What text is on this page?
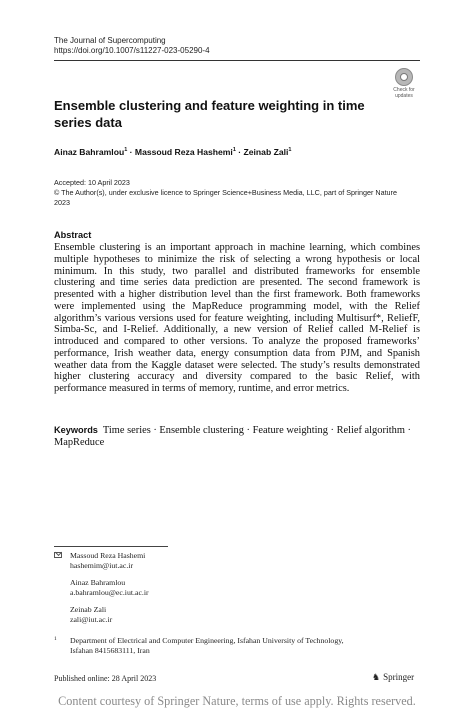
The Journal of Supercomputing
https://doi.org/10.1007/s11227-023-05290-4
Check for
updates
Ensemble clustering and feature weighting in time series data
Ainaz Bahramlou$^1$ · Massoud Reza Hashemi$^1$ · Zeinab Zali$^1$
Accepted: 10 April 2023
© The Author(s), under exclusive licence to Springer Science+Business Media, LLC, part of Springer Nature
2023
Abstract
Ensemble clustering is an important approach in machine learning, which combines multiple hypotheses to minimize the risk of selecting a wrong hypothesis or local minimum. In this study, two parallel and distributed frameworks for ensemble clustering and time series data prediction are presented. The second framework is presented with a higher distribution level than the first framework. Both frameworks were implemented using the MapReduce programming model, with the Relief algorithm’s various versions used for feature weighting, including Multisurf*, ReliefF, Simba-Sc, and I-Relief. Additionally, a new version of Relief called M-Relief is introduced and compared to other versions. To analyze the proposed frameworks’ performance, Irish weather data, energy consumption data from PJM, and Spanish weather data from the Kaggle dataset were selected. The study’s results demonstrated higher clustering accuracy and diversity compared to the basic Relief, with performance measured in terms of memory, runtime, and error metrics.
Keywords Time series · Ensemble clustering · Feature weighting · Relief algorithm · MapReduce
Massoud Reza Hashemi
hashemim@iut.ac.ir
Ainaz Bahramlou
a.bahramlou@ec.iut.ac.ir
Zeinab Zali
zali@iut.ac.ir
1 Department of Electrical and Computer Engineering, Isfahan University of Technology,
Isfahan 8415683111, Iran
Published online: 28 April 2023	♞ Springer
Content courtesy of Springer Nature, terms of use apply. Rights reserved.
